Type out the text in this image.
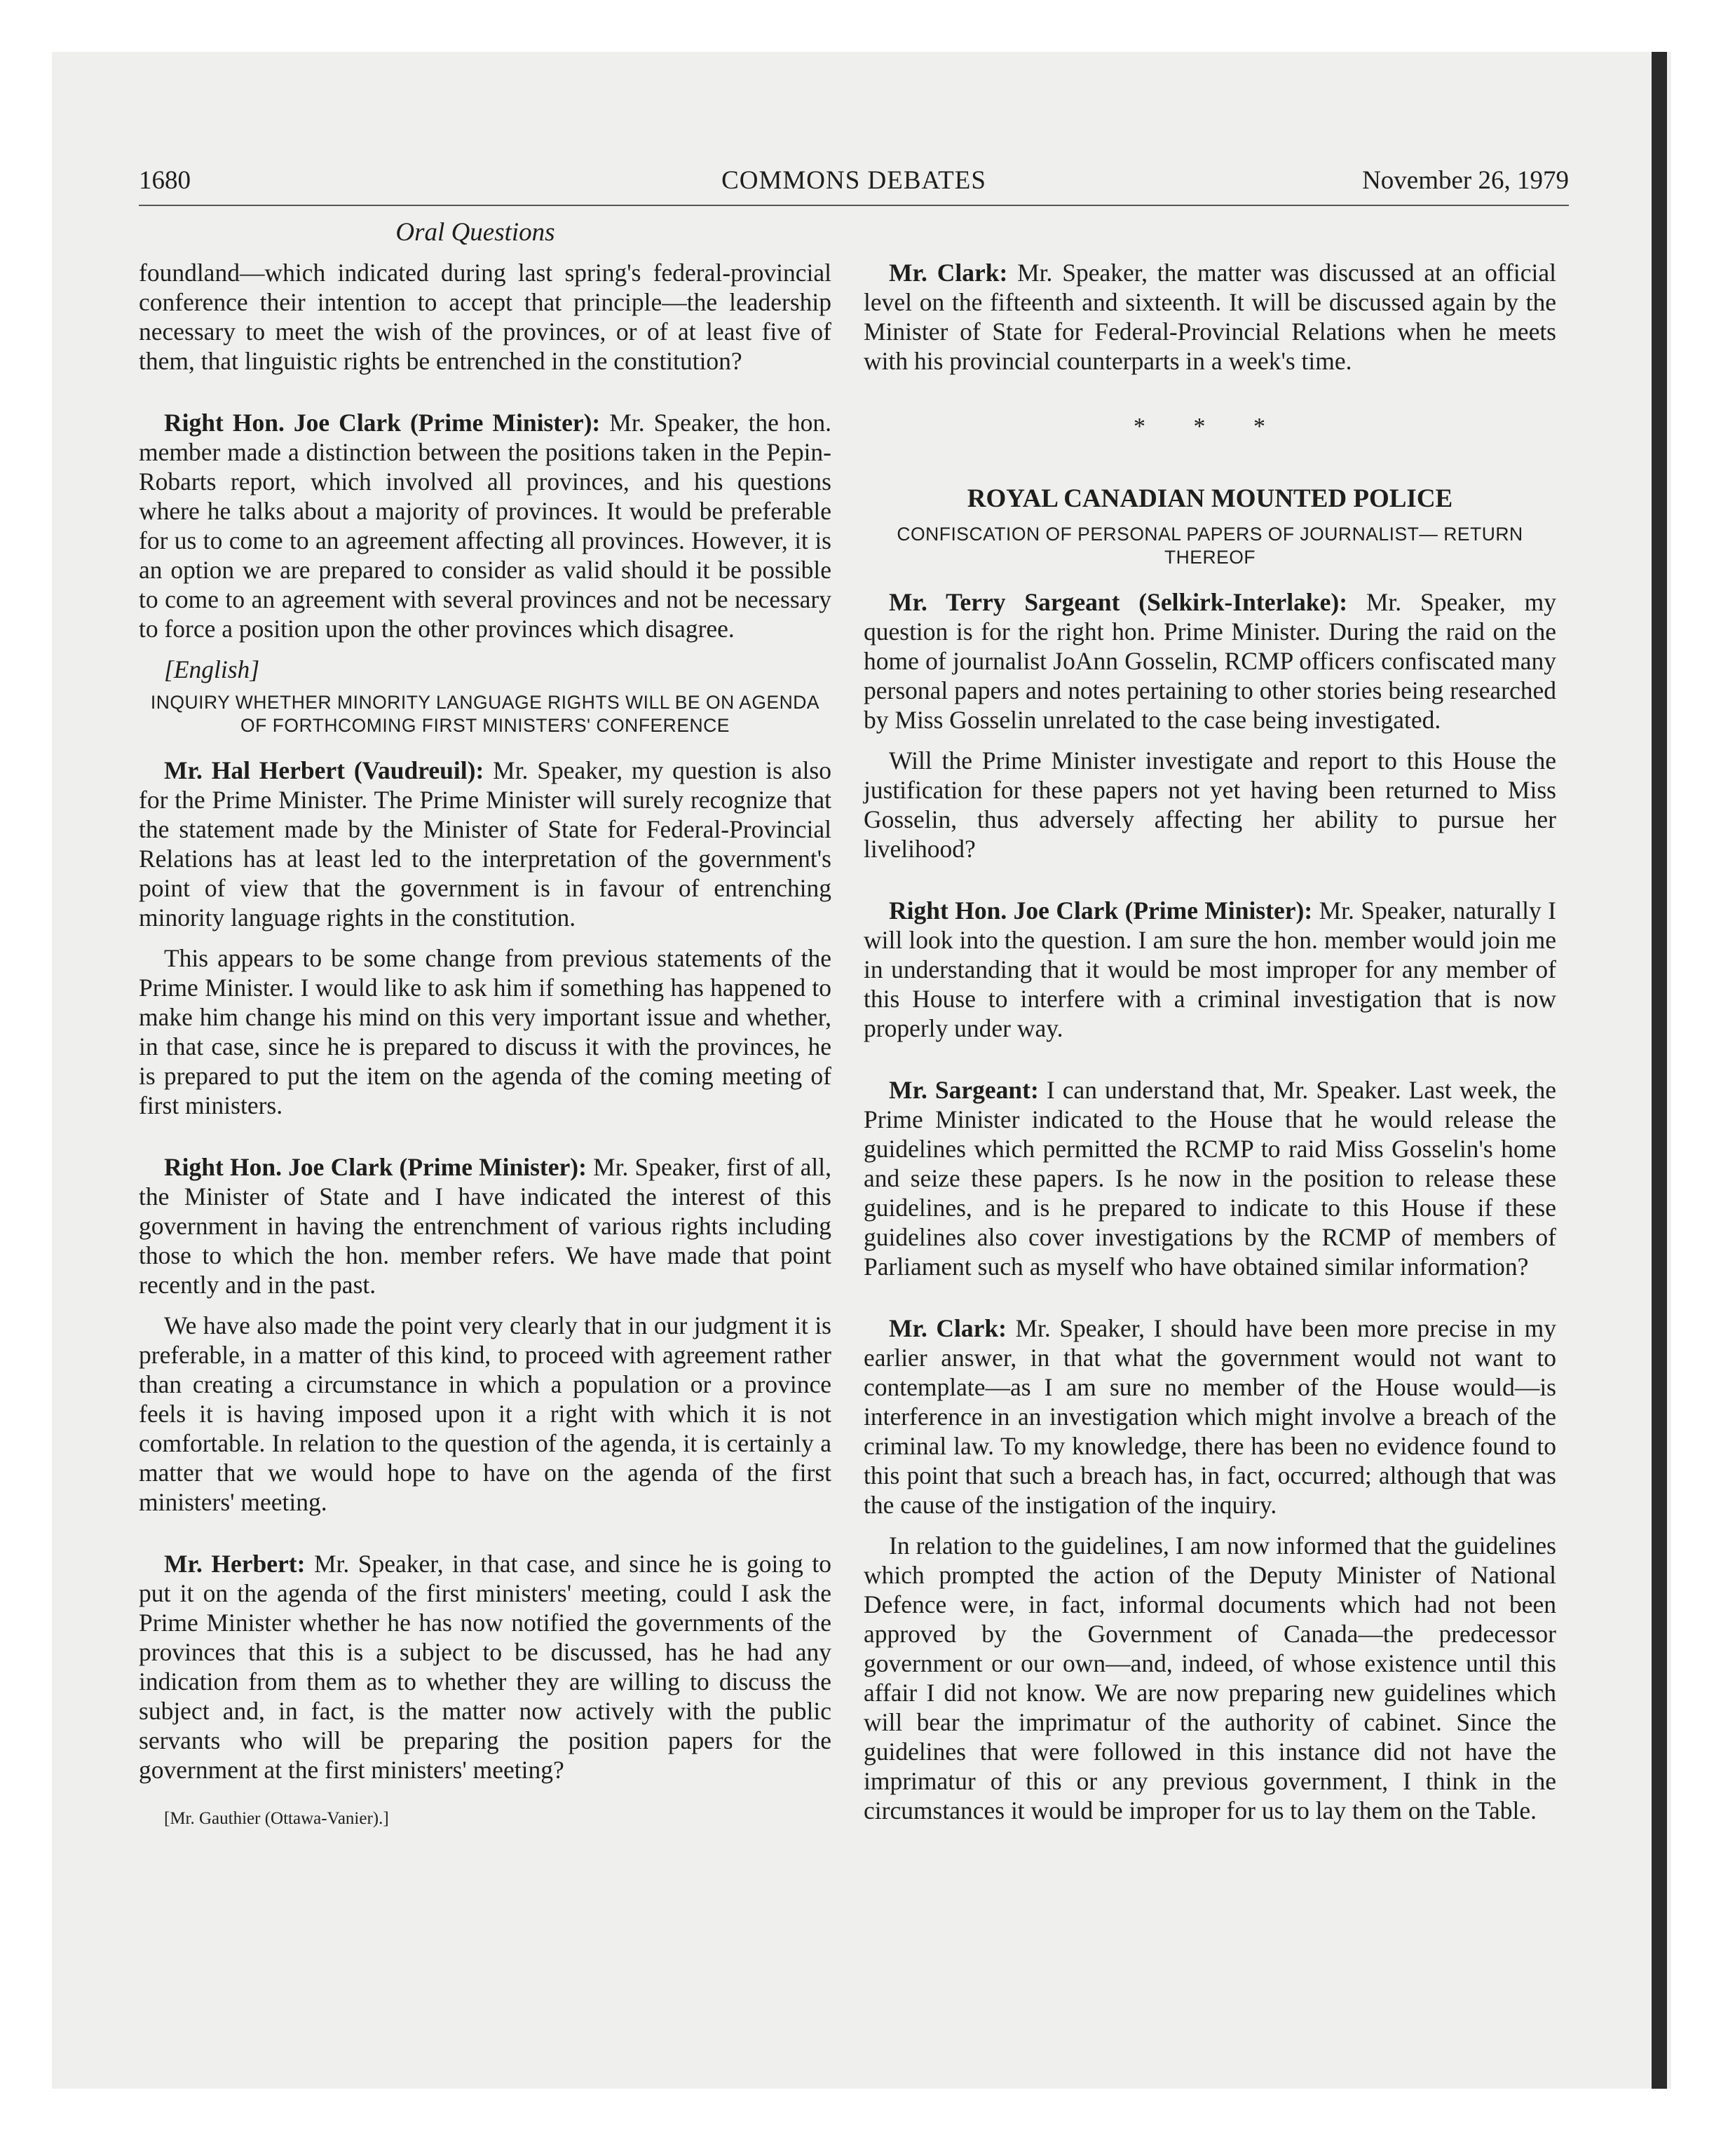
1680	COMMONS DEBATES	November 26, 1979
Oral Questions

foundland—which indicated during last spring's federal-provincial conference their intention to accept that principle—the leadership necessary to meet the wish of the provinces, or of at least five of them, that linguistic rights be entrenched in the constitution?

Right Hon. Joe Clark (Prime Minister): Mr. Speaker, the hon. member made a distinction between the positions taken in the Pepin-Robarts report, which involved all provinces, and his questions where he talks about a majority of provinces. It would be preferable for us to come to an agreement affecting all provinces. However, it is an option we are prepared to consider as valid should it be possible to come to an agreement with several provinces and not be necessary to force a position upon the other provinces which disagree.

[English]

INQUIRY WHETHER MINORITY LANGUAGE RIGHTS WILL BE ON AGENDA OF FORTHCOMING FIRST MINISTERS' CONFERENCE

Mr. Hal Herbert (Vaudreuil): Mr. Speaker, my question is also for the Prime Minister. The Prime Minister will surely recognize that the statement made by the Minister of State for Federal-Provincial Relations has at least led to the interpretation of the government's point of view that the government is in favour of entrenching minority language rights in the constitution.

This appears to be some change from previous statements of the Prime Minister. I would like to ask him if something has happened to make him change his mind on this very important issue and whether, in that case, since he is prepared to discuss it with the provinces, he is prepared to put the item on the agenda of the coming meeting of first ministers.

Right Hon. Joe Clark (Prime Minister): Mr. Speaker, first of all, the Minister of State and I have indicated the interest of this government in having the entrenchment of various rights including those to which the hon. member refers. We have made that point recently and in the past.

We have also made the point very clearly that in our judgment it is preferable, in a matter of this kind, to proceed with agreement rather than creating a circumstance in which a population or a province feels it is having imposed upon it a right with which it is not comfortable. In relation to the question of the agenda, it is certainly a matter that we would hope to have on the agenda of the first ministers' meeting.

Mr. Herbert: Mr. Speaker, in that case, and since he is going to put it on the agenda of the first ministers' meeting, could I ask the Prime Minister whether he has now notified the governments of the provinces that this is a subject to be discussed, has he had any indication from them as to whether they are willing to discuss the subject and, in fact, is the matter now actively with the public servants who will be preparing the position papers for the government at the first ministers' meeting?

[Mr. Gauthier (Ottawa-Vanier).]

Mr. Clark: Mr. Speaker, the matter was discussed at an official level on the fifteenth and sixteenth. It will be discussed again by the Minister of State for Federal-Provincial Relations when he meets with his provincial counterparts in a week's time.

* * *
ROYAL CANADIAN MOUNTED POLICE
CONFISCATION OF PERSONAL PAPERS OF JOURNALIST— RETURN THEREOF

Mr. Terry Sargeant (Selkirk-Interlake): Mr. Speaker, my question is for the right hon. Prime Minister. During the raid on the home of journalist JoAnn Gosselin, RCMP officers confiscated many personal papers and notes pertaining to other stories being researched by Miss Gosselin unrelated to the case being investigated.

Will the Prime Minister investigate and report to this House the justification for these papers not yet having been returned to Miss Gosselin, thus adversely affecting her ability to pursue her livelihood?

Right Hon. Joe Clark (Prime Minister): Mr. Speaker, naturally I will look into the question. I am sure the hon. member would join me in understanding that it would be most improper for any member of this House to interfere with a criminal investigation that is now properly under way.

Mr. Sargeant: I can understand that, Mr. Speaker. Last week, the Prime Minister indicated to the House that he would release the guidelines which permitted the RCMP to raid Miss Gosselin's home and seize these papers. Is he now in the position to release these guidelines, and is he prepared to indicate to this House if these guidelines also cover investigations by the RCMP of members of Parliament such as myself who have obtained similar information?

Mr. Clark: Mr. Speaker, I should have been more precise in my earlier answer, in that what the government would not want to contemplate—as I am sure no member of the House would—is interference in an investigation which might involve a breach of the criminal law. To my knowledge, there has been no evidence found to this point that such a breach has, in fact, occurred; although that was the cause of the instigation of the inquiry.

In relation to the guidelines, I am now informed that the guidelines which prompted the action of the Deputy Minister of National Defence were, in fact, informal documents which had not been approved by the Government of Canada—the predecessor government or our own—and, indeed, of whose existence until this affair I did not know. We are now preparing new guidelines which will bear the imprimatur of the authority of cabinet. Since the guidelines that were followed in this instance did not have the imprimatur of this or any previous government, I think in the circumstances it would be improper for us to lay them on the Table.
